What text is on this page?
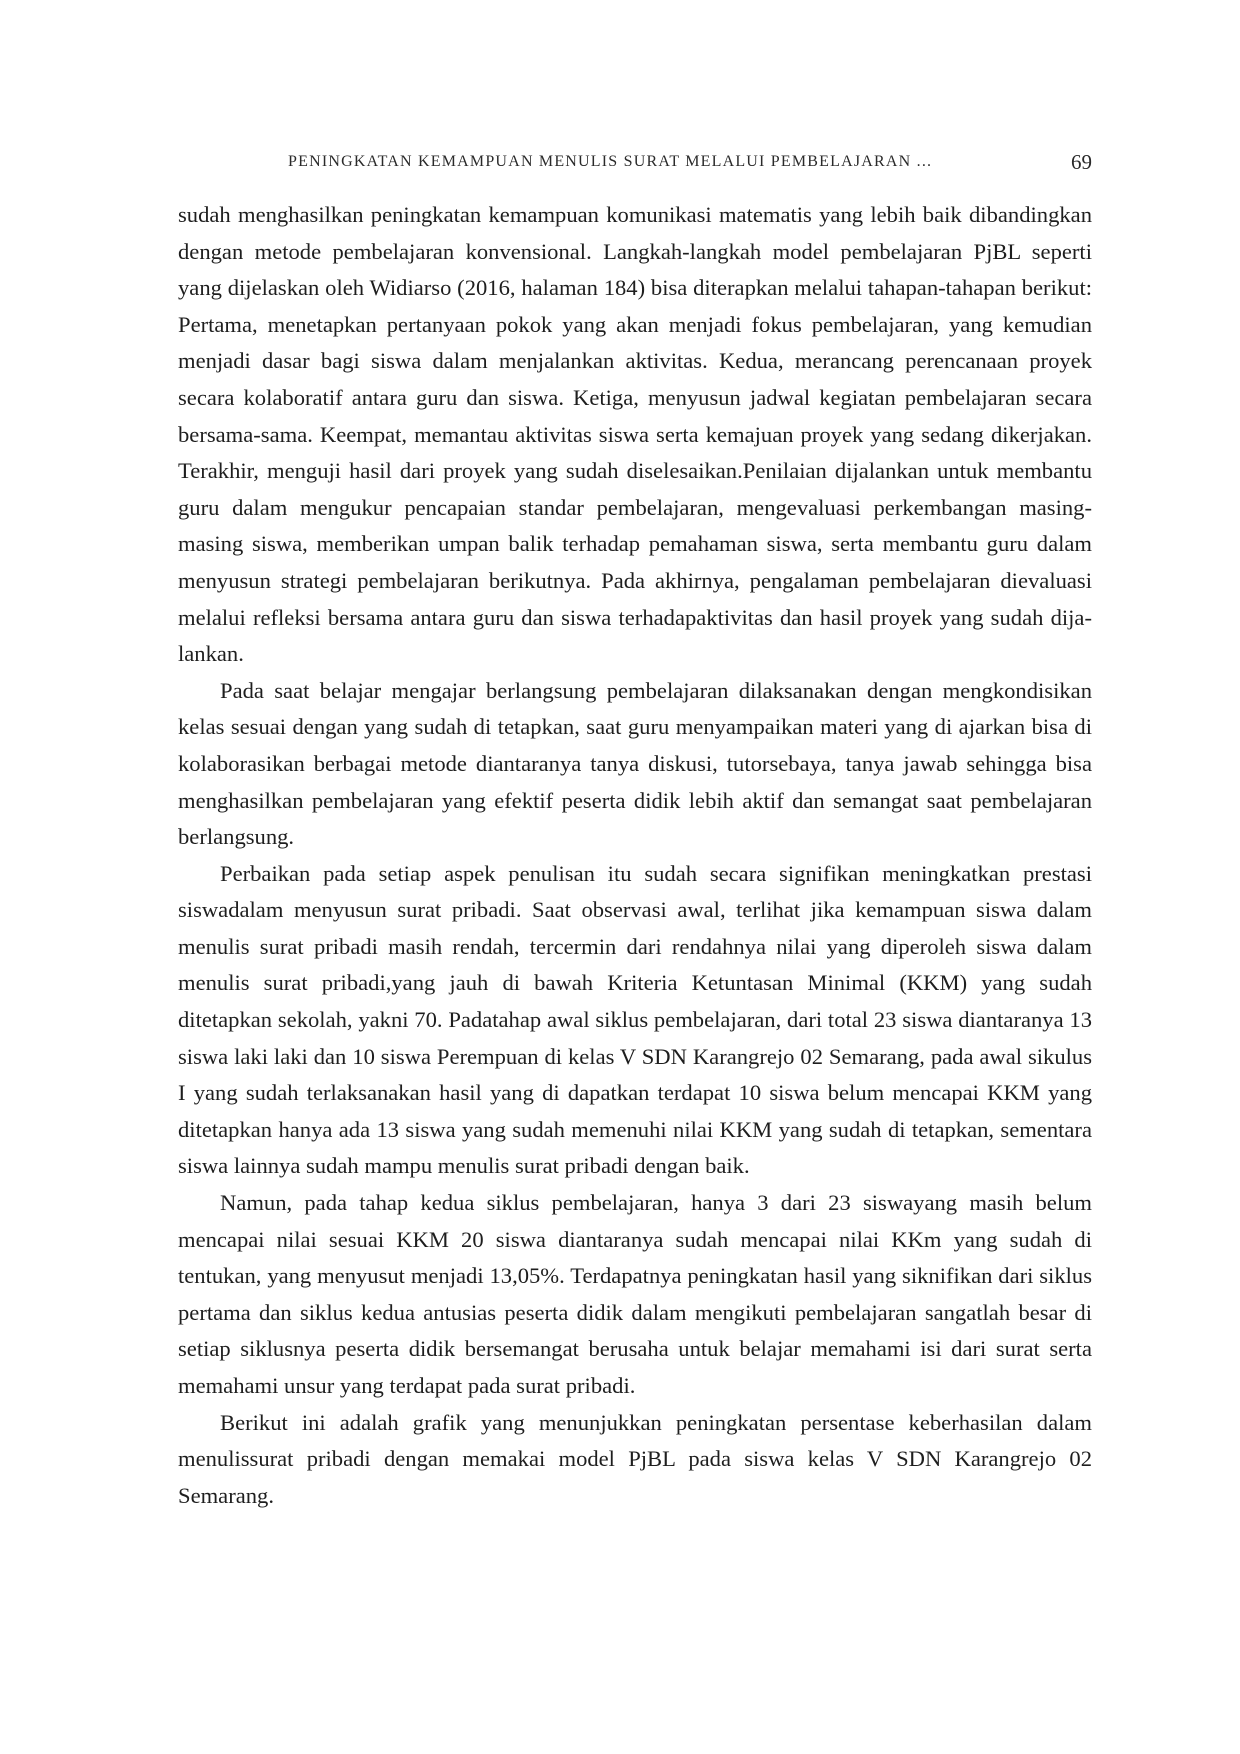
PENINGKATAN KEMAMPUAN MENULIS SURAT MELALUI PEMBELAJARAN ...	69

sudah menghasilkan peningkatan kemampuan komunikasi matematis yang lebih baik dibandingkan dengan metode pembelajaran konvensional. Langkah-langkah model pembelajaran PjBL seperti yang dijelaskan oleh Widiarso (2016, halaman 184) bisa diterapkan melalui tahapan-tahapan berikut: Pertama, menetapkan pertanyaan pokok yang akan menjadi fokus pembelajaran, yang kemudian menjadi dasar bagi siswa dalam menjalankan aktivitas. Kedua, merancang perencanaan proyek secara kolaboratif antara guru dan siswa. Ketiga, menyusun jadwal kegiatan pembelajaran secara bersama-sama. Keempat, memantau aktivitas siswa serta kemajuan proyek yang sedang dikerjakan. Terakhir, menguji hasil dari proyek yang sudah diselesaikan.Penilaian dijalankan untuk membantu guru dalam mengukur pencapaian standar pembelajaran, mengevaluasi perkembangan masing-masing siswa, memberikan umpan balik terhadap pemahaman siswa, serta membantu guru dalam menyusun strategi pembelajaran berikutnya. Pada akhirnya, pengalaman pembelajaran dievaluasi melalui refleksi bersama antara guru dan siswa terhadapaktivitas dan hasil proyek yang sudah dijalankan.

Pada saat belajar mengajar berlangsung pembelajaran dilaksanakan dengan mengkondisikan kelas sesuai dengan yang sudah di tetapkan, saat guru menyampaikan materi yang di ajarkan bisa di kolaborasikan berbagai metode diantaranya tanya diskusi, tutorsebaya, tanya jawab sehingga bisa menghasilkan pembelajaran yang efektif peserta didik lebih aktif dan semangat saat pembelajaran berlangsung.

Perbaikan pada setiap aspek penulisan itu sudah secara signifikan meningkatkan prestasi siswadalam menyusun surat pribadi. Saat observasi awal, terlihat jika kemampuan siswa dalam menulis surat pribadi masih rendah, tercermin dari rendahnya nilai yang diperoleh siswa dalam menulis surat pribadi,yang jauh di bawah Kriteria Ketuntasan Minimal (KKM) yang sudah ditetapkan sekolah, yakni 70. Padatahap awal siklus pembelajaran, dari total 23 siswa diantaranya 13 siswa laki laki dan 10 siswa Perempuan di kelas V SDN Karangrejo 02 Semarang, pada awal sikulus I yang sudah terlaksanakan hasil yang di dapatkan terdapat 10 siswa belum mencapai KKM yang ditetapkan hanya ada 13 siswa yang sudah memenuhi nilai KKM yang sudah di tetapkan, sementara siswa lainnya sudah mampu menulis surat pribadi dengan baik.

Namun, pada tahap kedua siklus pembelajaran, hanya 3 dari 23 siswayang masih belum mencapai nilai sesuai KKM 20 siswa diantaranya sudah mencapai nilai KKm yang sudah di tentukan, yang menyusut menjadi 13,05%. Terdapatnya peningkatan hasil yang siknifikan dari siklus pertama dan siklus kedua antusias peserta didik dalam mengikuti pembelajaran sangatlah besar di setiap siklusnya peserta didik bersemangat berusaha untuk belajar memahami isi dari surat serta memahami unsur yang terdapat pada surat pribadi.

Berikut ini adalah grafik yang menunjukkan peningkatan persentase keberhasilan dalam menulissurat pribadi dengan memakai model PjBL pada siswa kelas V SDN Karangrejo 02 Semarang.
